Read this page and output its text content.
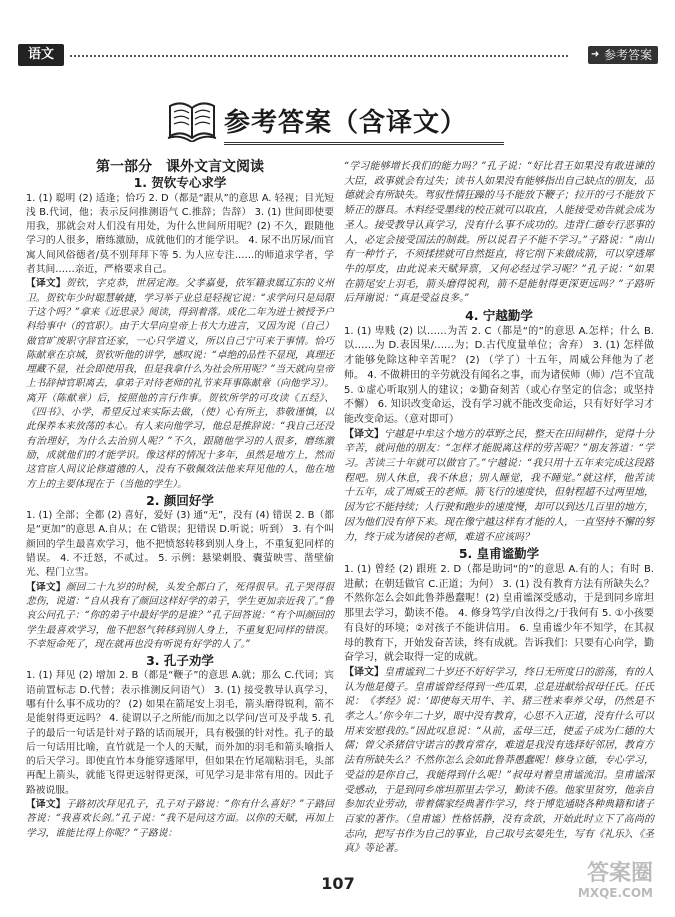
语文
➜	参考答案
参考答案（含译文）
第一部分　课外文言文阅读
1. 贺钦专心求学

1. (1) 聪明 (2) 适逢；恰巧 2. D（都是“跟从”的意思 A. 轻视；目光短浅 B.代词，他；表示反问推测语气 C.推辞；告辞） 3. (1) 世间即使要用我，那就会对人们没有用处，为什么世间所用呢？(2) 不久，跟随他学习的人很多，磨练激励，成就他们的才能学识。 4. 尿不出厉尿/而官寓人间风俗德者/莫不别拜拜下等 5. 为人应专注……的师道求学者，学者其间……亲近，严格要求自己。

【译文】贺钦，字克恭，世居定海。父孝嘉曼，依军籍隶属辽东的义州卫。贺钦年少时聪慧敏捷，学习举子业总是轻视它说：“求学问只是局限于这个吗？”拿来《近思录》阅读，得到着落。成化二年为进士被授予户科给事中（的官职）。由于大旱向皇帝上书大力进言，又因为说（自己）做官旷废职守辞官还家，一心只学道义，所以自己宁可来于事情。恰巧陈献章在京城，贺钦听他的讲学，感叹说：“卓绝的品性不显现，真理还埋藏不显，社会即使用我，但是我拿什么为社会所用呢？”当天就向皇帝上书辞掉官职离去，拿弟子对待老师的礼节来拜事陈献章（向他学习）。离开（陈献章）后，按照他的言行作事。贺钦所学的可攻读《五经》、《四书》、小学，希望反过来实际去做，（使）心有所主，恭敬谨慎，以此保养本来放荡的本心。有人来向他学习，他总是推辞说：“我自己还没有治理好，为什么去治别人呢？”不久，跟随他学习的人很多，磨练激励，成就他们的才能学识。像这样的情况十多年，虽然是地方上，然而这官宦人间议论修道德的人，没有不敬佩效法他来拜见他的人，他在地方上的主要体现在于（当他的学生）。

2. 颜回好学

1. (1) 全部；全都 (2) 喜好，爱好 (3) 通“无”，没有 (4) 错误 2. B（都是“更加”的意思 A.自从；在 C错误；犯错误 D.听说；听到） 3. 有个叫颜回的学生最喜欢学习，他不把愤怒转移到别人身上，不重复犯同样的错误。 4. 不迁怒，不贰过。 5. 示例：悬梁刺股、囊萤映雪、凿壁偷光、程门立雪。

【译文】颜回二十九岁的时候，头发全都白了，死得很早。孔子哭得很悲伤，说道：“自从我有了颜回这样好学的弟子，学生更加亲近我了。”鲁哀公问孔子：“你的弟子中最好学的是谁？”孔子回答说：“有个叫颜回的学生最喜欢学习，他不把怒气转移到别人身上，不重复犯同样的错误。不幸短命死了，现在就再也没有听说有好学的人了。”

3. 孔子劝学

1. (1) 拜见 (2) 增加 2. B（都是“鞭子”的意思 A.就；那么 C.代词；宾语前置标志 D.代替；表示推测反问语气） 3. (1) 接受教导认真学习，哪有什么事不成功的？ (2) 如果在箭尾安上羽毛，箭头磨得锐利，箭不是能射得更远吗？ 4. 徒谓以子之所能/而加之以学问/岂可及乎哉 5. 孔子的最后一句话是针对子路的话而展开，具有极强的针对性。孔子的最后一句话用比喻，直竹就是一个人的天赋，而外加的羽毛和箭头喻指人的后天学习。即使直竹本身能穿透犀甲，但如果在竹尾端粘羽毛，头部再配上箭头，就能飞得更远射得更深，可见学习是非常有用的。因此子路被说服。

【译文】子路初次拜见孔子，孔子对子路说：“你有什么喜好？”子路回答说：“我喜欢长剑。”孔子说：“我不是问这方面。以你的天赋，再加上学习，谁能比得上你呢？”子路说：

“学习能够增长我们的能力吗？”孔子说：“好比君王如果没有敢进谏的大臣，政事就会有过失；读书人如果没有能够指出自己缺点的朋友，品德就会有所缺失。驾驭性情狂躁的马不能放下鞭子；拉开的弓不能放下矫正的器具。木料经受墨线的校正就可以取直，人能接受劝告就会成为圣人。接受教导认真学习，没有什么事不成功的。违背仁德专行恶事的人，必定会接受国法的制裁。所以说君子不能不学习。”子路说：“南山有一种竹子，不须揉搓就可自然挺直，将它削下来做成箭，可以穿透犀牛的厚皮，由此说来天赋异禀，又何必经过学习呢？”孔子说：“如果在箭尾安上羽毛，箭头磨得锐利，箭不是能射得更深更远吗？”子路听后拜谢说：“真是受益良多。”

4. 宁越勤学

1. (1) 卑贱 (2) 以……为苦 2. C（都是“的”的意思 A.怎样；什么 B.以……为 D.表因果/……为；D.古代度量单位；舍弃） 3. (1) 怎样做才能够免除这种辛苦呢？ (2) （学了）十五年，周威公拜他为了老师。 4. 不做耕田的辛劳就没有闻名之事，而为诸侯师（师）/岂不宜哉 5. ①虚心听取别人的建议；②勤奋刻苦（或心存坚定的信念；或坚持不懈） 6. 知识改变命运，没有学习就不能改变命运，只有好好学习才能改变命运。（意对即可）

【译文】宁越是中牟这个地方的草野之民，整天在田间耕作，觉得十分辛苦，就问他的朋友：“怎样才能脱离这样的劳苦呢？”朋友答道：“学习。苦读三十年就可以做官了。”宁越说：“我只用十五年来完成这段路程吧。别人休息，我不休息；别人睡觉，我不睡觉。”就这样，他苦读十五年，成了周威王的老师。箭飞行的速度快，但射程超不过两里地，因为它不能持续；人行驶和跑步的速度慢，却可以到达几百里的地方，因为他们没有停下来。现在像宁越这样有才能的人，一直坚持不懈的努力，终于成为诸侯的老师，难道不应该吗？

5. 皇甫谧勤学

1. (1) 曾经 (2) 跟班 2. D（都是助词“的”的意思 A.有的人；有时 B.进献；在朝廷做官 C.正道；为何） 3. (1) 没有教育方法有所缺失么？不然你怎么会如此鲁莽愚蠢呢！(2) 皇甫谧深受感动，于是到同乡席坦那里去学习，勤读不倦。 4. 修身笃学/自汝得之/于我何有 5. ①小孩要有良好的环境；②对孩子不能讲信用。 6. 皇甫谧少年不知学，在其叔母的教育下，开始发奋苦读，终有成就。告诉我们：只要有心向学，勤奋学习，就会取得一定的成就。

【译文】皇甫谧到二十岁还不好好学习，终日无所度日的游荡，有的人认为他是傻子。皇甫谧曾经得到一些瓜果，总是进献给叔母任氏。任氏说：《孝经》说：‘即使每天用牛、羊、猪三牲来奉养父母，仍然是不孝之人。’你今年二十岁，眼中没有教育，心思不入正道，没有什么可以用来安慰我的。”因此叹息说：“从前，孟母三迁，使孟子成为仁德的大儒；曾父杀猪信守诺言的教育常存，难道是我没有选择好邻居，教育方法有所缺失么？不然你怎么会如此鲁莽愚蠢呢！修身立德，专心学习，受益的是你自己，我能得到什么呢！”叔母对着皇甫谧流泪。皇甫谧深受感动，于是到同乡席坦那里去学习，勤读不倦。他家里贫穷，他亲自参加农业劳动，带着儒家经典著作学习，终于博览通晓各种典籍和诸子百家的著作。（皇甫谧）性格恬静，没有贪欲，开始此时立下了高尚的志向，把写书作为自己的事业，自己取号玄晏先生，写有《礼乐》、《圣真》等论著。

107	答案圈
MXQE.COM
